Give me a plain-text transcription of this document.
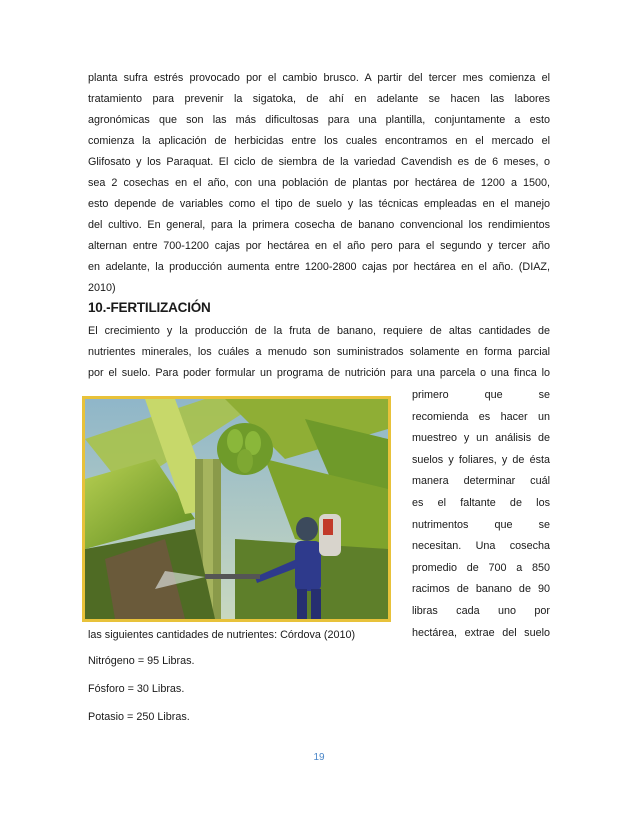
planta sufra estrés provocado por el cambio brusco. A partir del tercer mes comienza el

tratamiento para prevenir la sigatoka, de ahí en adelante se hacen las labores

agronómicas que son las más dificultosas para una plantilla, conjuntamente a esto

comienza la aplicación de herbicidas entre los cuales encontramos en el mercado el

Glifosato y los Paraquat. El ciclo de siembra de la variedad Cavendish es de 6 meses, o

sea 2 cosechas en el año, con una población de plantas por hectárea de 1200 a 1500,

esto depende de variables como el tipo de suelo y las técnicas empleadas en el manejo

del cultivo. En general, para la primera cosecha de banano convencional los rendimientos

alternan entre 700-1200 cajas por hectárea en el año pero para el segundo y tercer año

en adelante, la producción aumenta entre 1200-2800 cajas por hectárea en el año. (DIAZ,

2010)

10.-FERTILIZACIÓN

El crecimiento y la producción de la fruta de banano, requiere de altas cantidades de

nutrientes minerales, los cuáles a menudo son suministrados solamente en forma parcial

por el suelo. Para poder formular un programa de nutrición para una parcela o una finca lo

primero que se

recomienda es hacer un

muestreo y un análisis de

suelos y foliares, y de ésta

manera determinar cuál

es el faltante de los

nutrimentos que se

necesitan. Una cosecha

promedio de 700 a 850

racimos de banano de 90

libras cada uno por

hectárea, extrae del suelo

las siguientes cantidades de nutrientes: Córdova (2010)

Nitrógeno = 95 Libras.

Fósforo = 30 Libras.

Potasio = 250 Libras.

19
